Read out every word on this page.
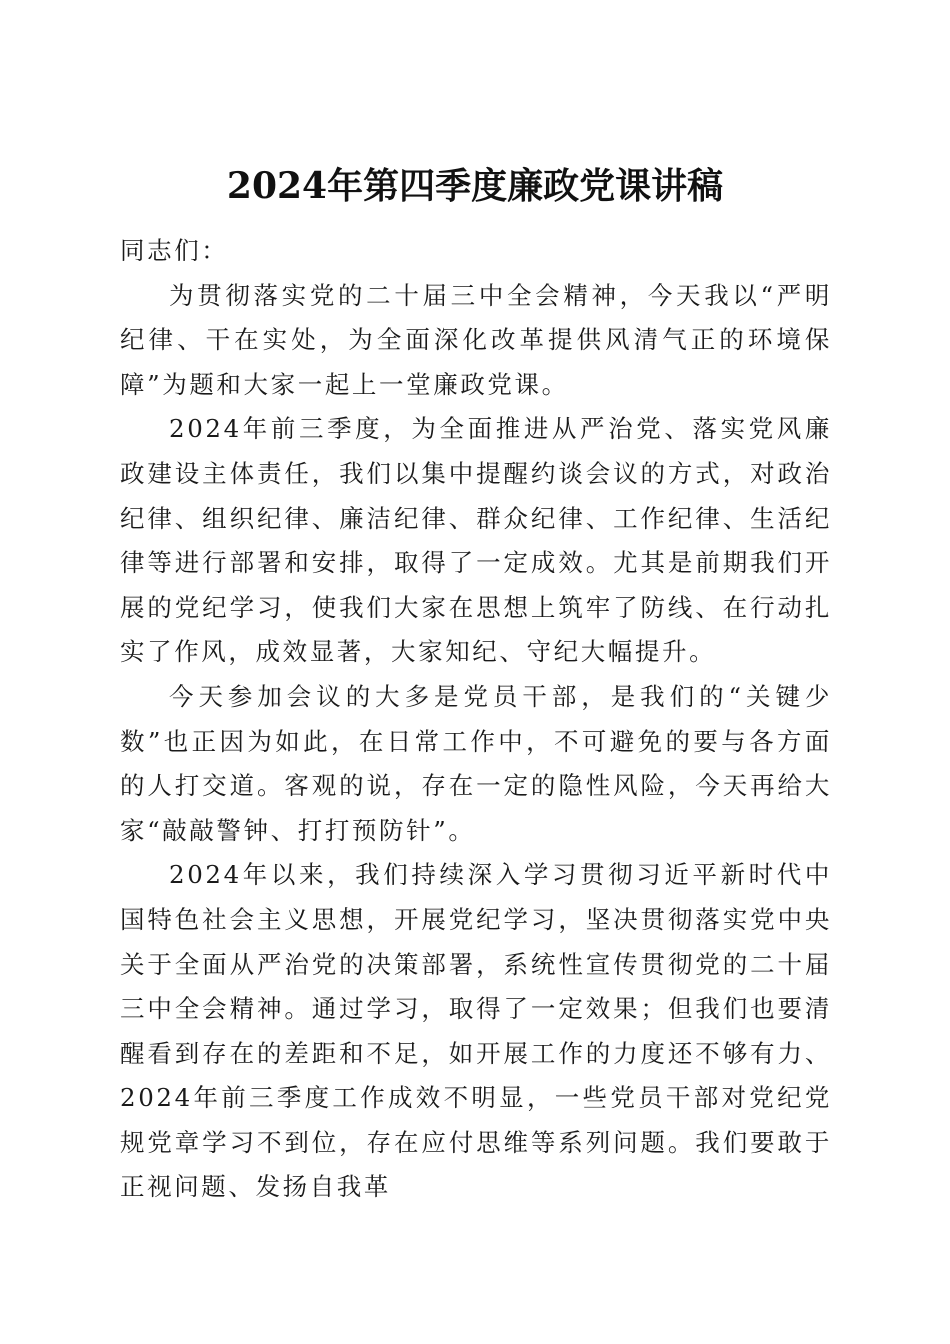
2024年第四季度廉政党课讲稿

同志们：

为贯彻落实党的二十届三中全会精神，今天我以“严明纪律、干在实处，为全面深化改革提供风清气正的环境保障”为题和大家一起上一堂廉政党课。

2024年前三季度，为全面推进从严治党、落实党风廉政建设主体责任，我们以集中提醒约谈会议的方式，对政治纪律、组织纪律、廉洁纪律、群众纪律、工作纪律、生活纪律等进行部署和安排，取得了一定成效。尤其是前期我们开展的党纪学习，使我们大家在思想上筑牢了防线、在行动扎实了作风，成效显著，大家知纪、守纪大幅提升。

今天参加会议的大多是党员干部，是我们的“关键少数”也正因为如此，在日常工作中，不可避免的要与各方面的人打交道。客观的说，存在一定的隐性风险，今天再给大家“敲敲警钟、打打预防针”。

2024年以来，我们持续深入学习贯彻习近平新时代中国特色社会主义思想，开展党纪学习，坚决贯彻落实党中央关于全面从严治党的决策部署，系统性宣传贯彻党的二十届三中全会精神。通过学习，取得了一定效果；但我们也要清醒看到存在的差距和不足，如开展工作的力度还不够有力、2024年前三季度工作成效不明显，一些党员干部对党纪党规党章学习不到位，存在应付思维等系列问题。我们要敢于正视问题、发扬自我革
